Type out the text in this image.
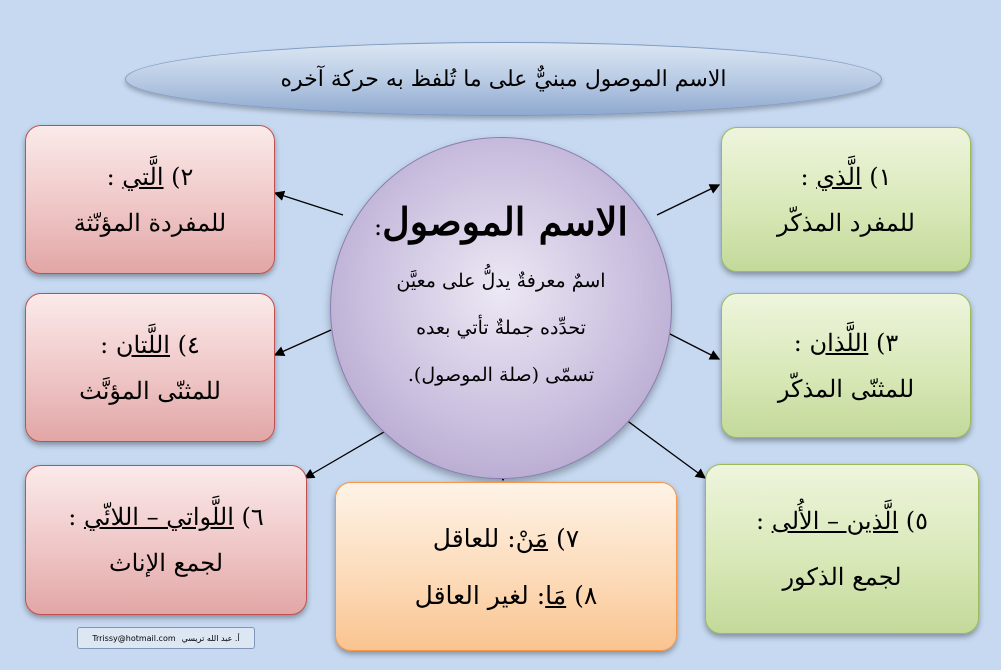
الاسم الموصول مبنيٌّ على ما تُلفظ به حركة آخره
الاسم الموصول:
اسمٌ معرفةٌ يدلُّ على معيَّن
تحدِّده جملةٌ تأتي بعده
تسمّى (صلة الموصول).
١) الَّذي :
للمفرد المذكّر
٢) الَّتي :
للمفردة المؤنّثة
٣) اللَّذان :
للمثنّى المذكّر
٤) اللَّتان :
للمثنّى المؤنَّث
٥) الَّذين – الأُلى :
لجمع الذكور
٦) اللَّواتي – اللائّي :
لجمع الإناث
٧) مَنْ: للعاقل
٨) مَا: لغير العاقل
Trrissy@hotmail.com أ. عبد الله تريسي
